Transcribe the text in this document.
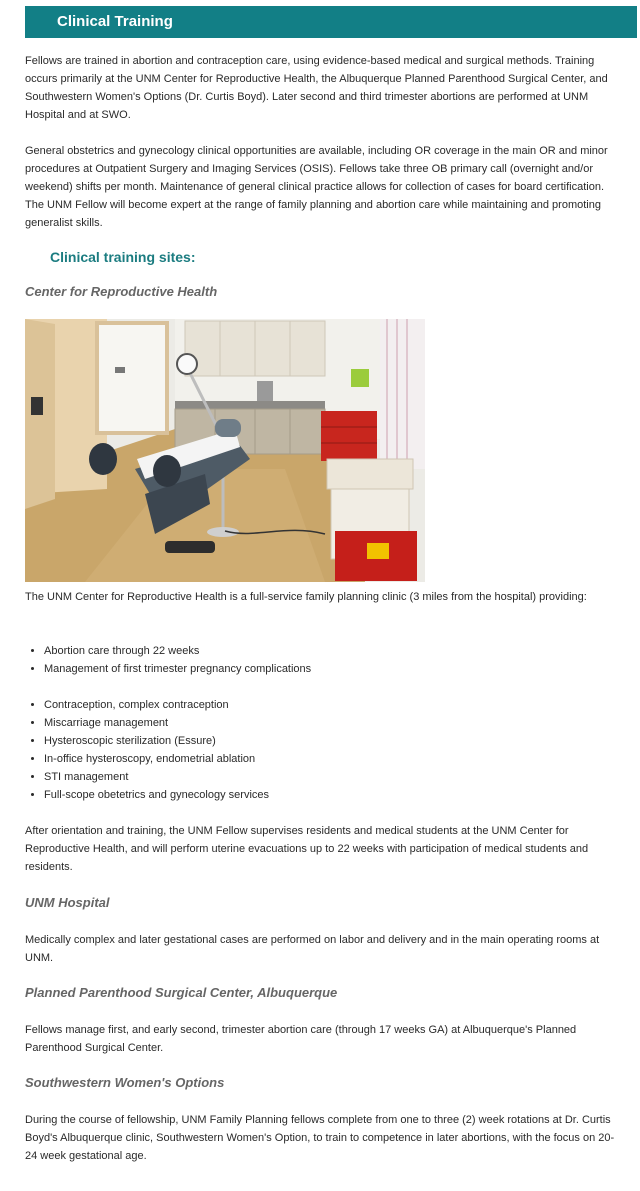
Clinical Training

Fellows are trained in abortion and contraception care, using evidence-based medical and surgical methods. Training occurs primarily at the UNM Center for Reproductive Health, the Albuquerque Planned Parenthood Surgical Center, and Southwestern Women's Options (Dr. Curtis Boyd). Later second and third trimester abortions are performed at UNM Hospital and at SWO.

General obstetrics and gynecology clinical opportunities are available, including OR coverage in the main OR and minor procedures at Outpatient Surgery and Imaging Services (OSIS). Fellows take three OB primary call (overnight and/or weekend) shifts per month. Maintenance of general clinical practice allows for collection of cases for board certification. The UNM Fellow will become expert at the range of family planning and abortion care while maintaining and promoting generalist skills.

Clinical training sites:
Center for Reproductive Health

The UNM Center for Reproductive Health is a full-service family planning clinic (3 miles from the hospital) providing:

• Abortion care through 22 weeks
• Management of first trimester pregnancy complications
• Contraception, complex contraception
• Miscarriage management
• Hysteroscopic sterilization (Essure)
• In-office hysteroscopy, endometrial ablation
• STI management
• Full-scope obetetrics and gynecology services

After orientation and training, the UNM Fellow supervises residents and medical students at the UNM Center for Reproductive Health, and will perform uterine evacuations up to 22 weeks with participation of medical students and residents.

UNM Hospital

Medically complex and later gestational cases are performed on labor and delivery and in the main operating rooms at UNM.

Planned Parenthood Surgical Center, Albuquerque

Fellows manage first, and early second, trimester abortion care (through 17 weeks GA) at Albuquerque's Planned Parenthood Surgical Center.

Southwestern Women's Options

During the course of fellowship, UNM Family Planning fellows complete from one to three (2) week rotations at Dr. Curtis Boyd's Albuquerque clinic, Southwestern Women's Option, to train to competence in later abortions, with the focus on 20-24 week gestational age.
